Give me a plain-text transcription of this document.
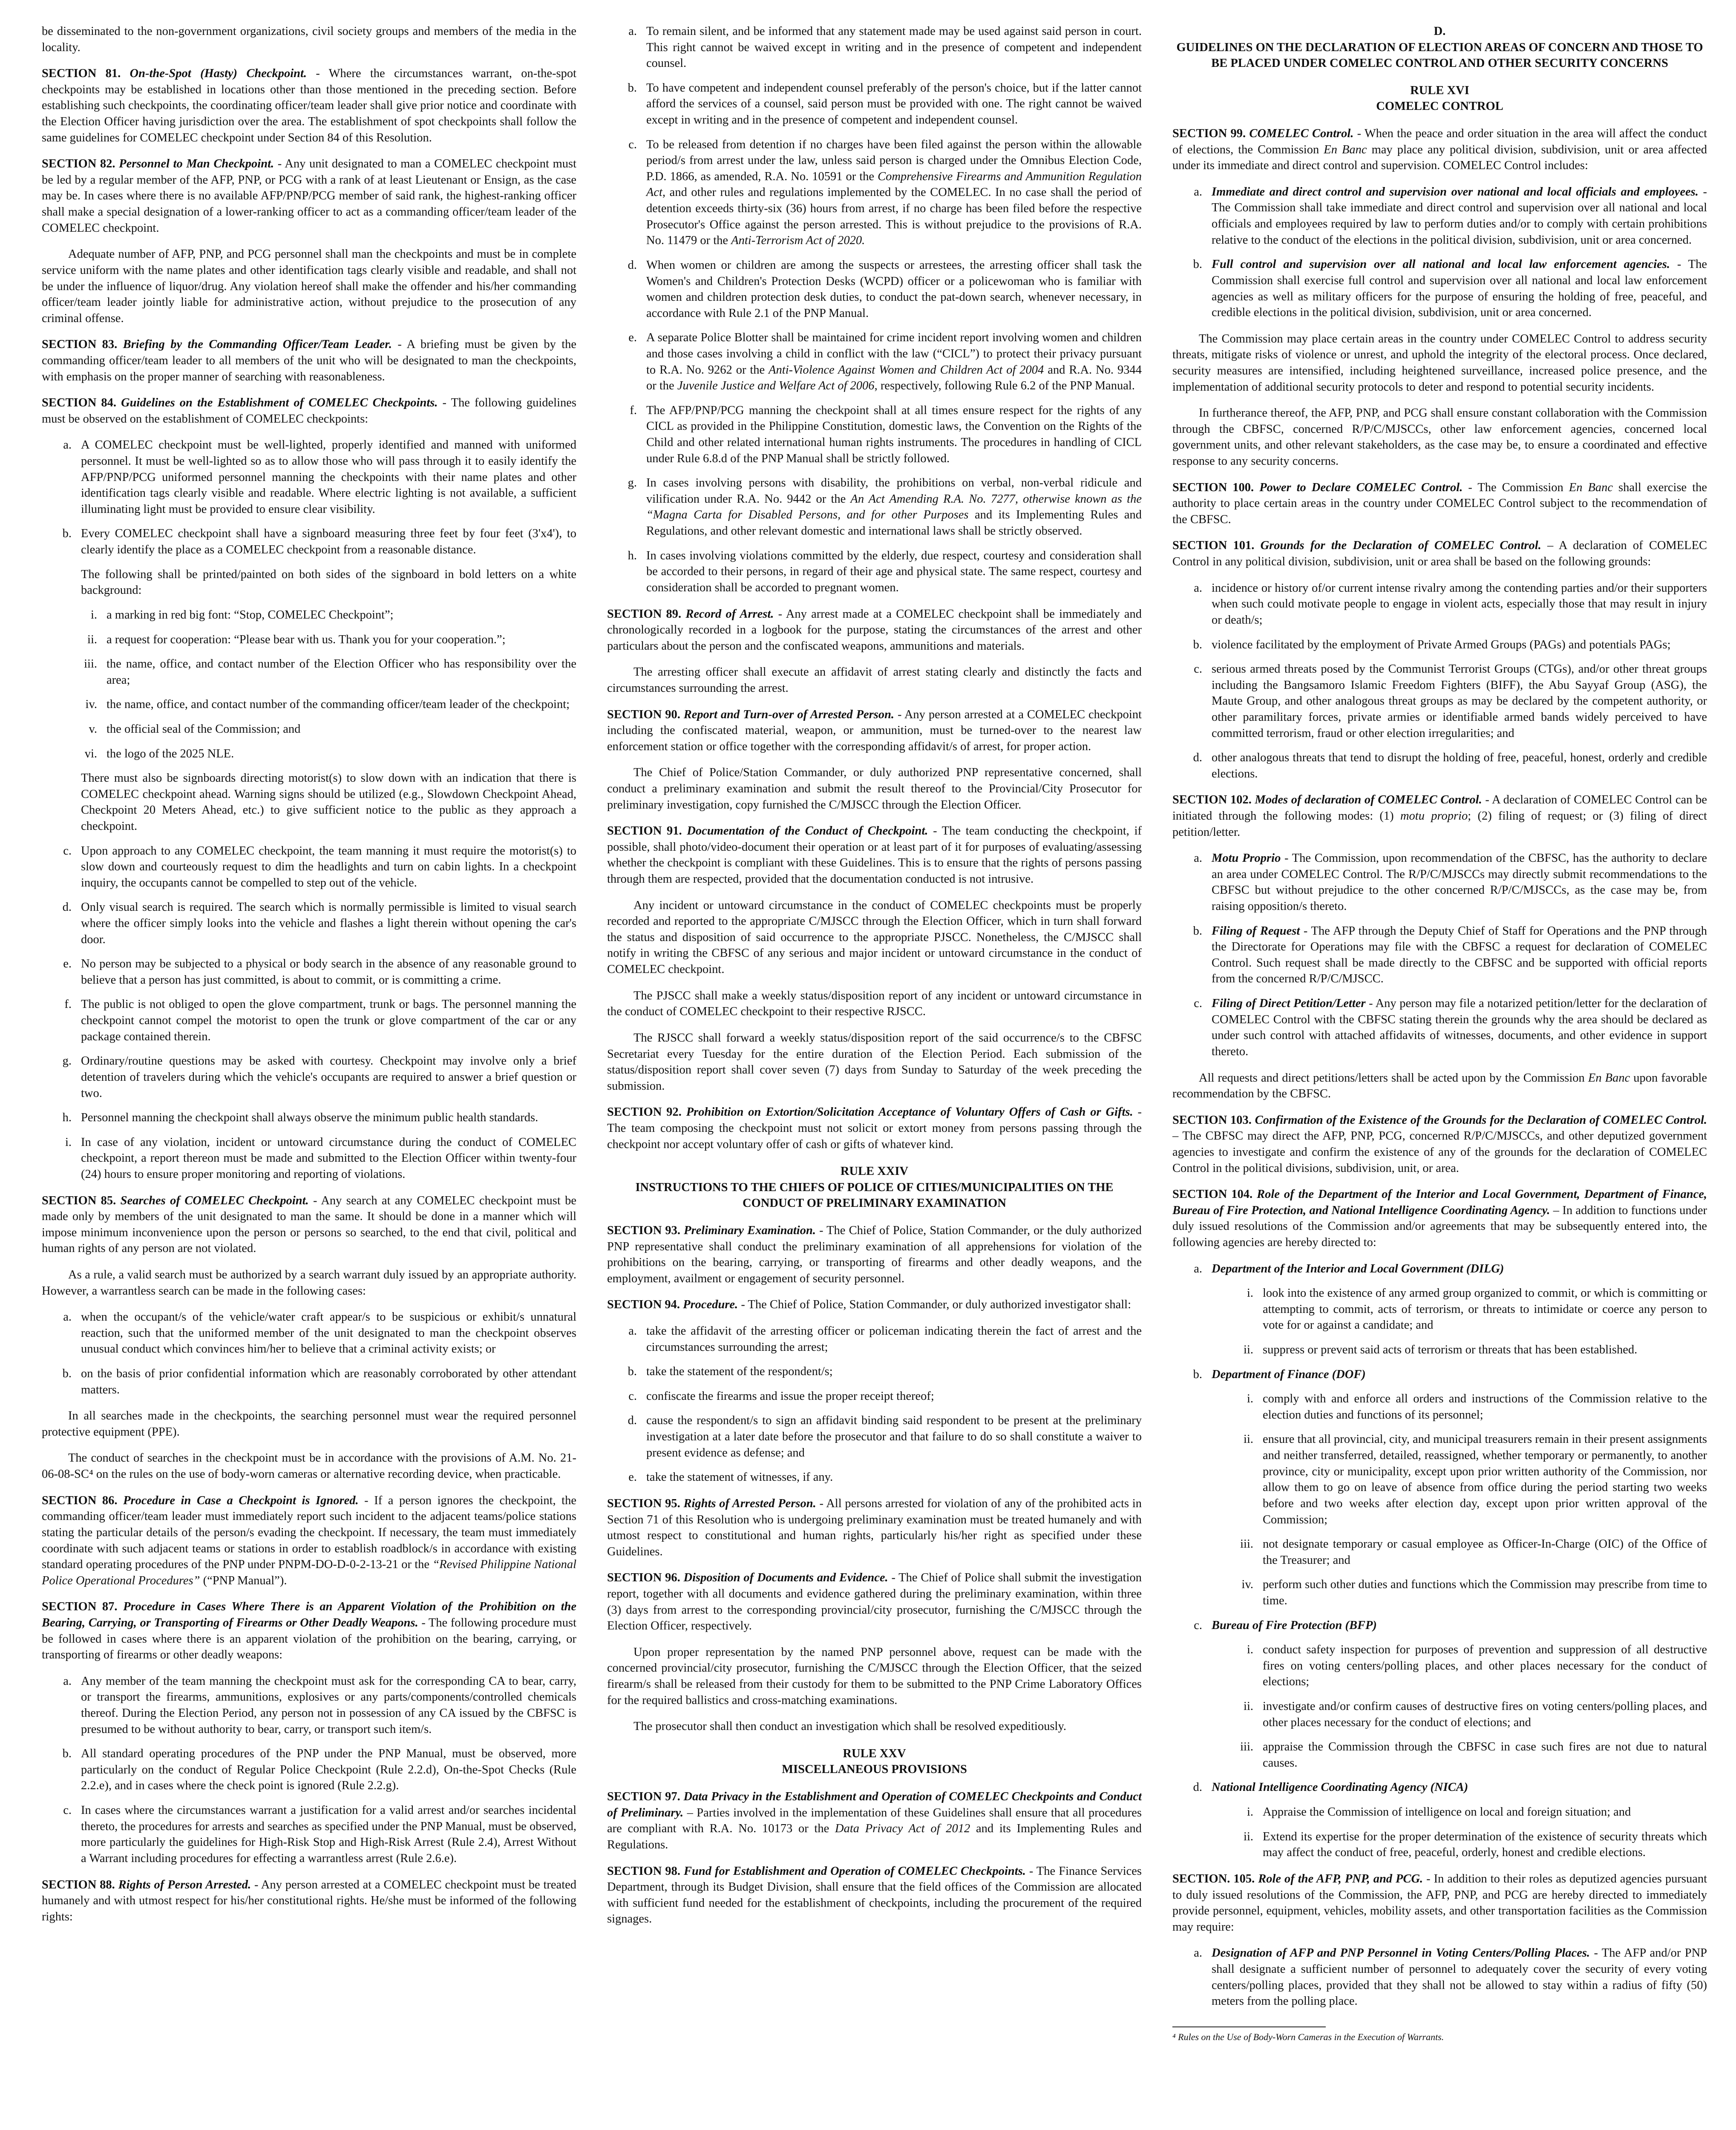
be disseminated to the non-government organizations, civil society groups and members of the media in the locality.

SECTION 81. On-the-Spot (Hasty) Checkpoint. - Where the circumstances warrant, on-the-spot checkpoints may be established in locations other than those mentioned in the preceding section. Before establishing such checkpoints, the coordinating officer/team leader shall give prior notice and coordinate with the Election Officer having jurisdiction over the area. The establishment of spot checkpoints shall follow the same guidelines for COMELEC checkpoint under Section 84 of this Resolution.

SECTION 82. Personnel to Man Checkpoint. - Any unit designated to man a COMELEC checkpoint must be led by a regular member of the AFP, PNP, or PCG with a rank of at least Lieutenant or Ensign, as the case may be. In cases where there is no available AFP/PNP/PCG member of said rank, the highest-ranking officer shall make a special designation of a lower-ranking officer to act as a commanding officer/team leader of the COMELEC checkpoint.

Adequate number of AFP, PNP, and PCG personnel shall man the checkpoints and must be in complete service uniform with the name plates and other identification tags clearly visible and readable, and shall not be under the influence of liquor/drug. Any violation hereof shall make the offender and his/her commanding officer/team leader jointly liable for administrative action, without prejudice to the prosecution of any criminal offense.

SECTION 83. Briefing by the Commanding Officer/Team Leader. - A briefing must be given by the commanding officer/team leader to all members of the unit who will be designated to man the checkpoints, with emphasis on the proper manner of searching with reasonableness.

SECTION 84. Guidelines on the Establishment of COMELEC Checkpoints. - The following guidelines must be observed on the establishment of COMELEC checkpoints:

a. A COMELEC checkpoint must be well-lighted, properly identified and manned with uniformed personnel. It must be well-lighted so as to allow those who will pass through it to easily identify the AFP/PNP/PCG uniformed personnel manning the checkpoints with their name plates and other identification tags clearly visible and readable. Where electric lighting is not available, a sufficient illuminating light must be provided to ensure clear visibility.
b. Every COMELEC checkpoint shall have a signboard measuring three feet by four feet (3'x4'), to clearly identify the place as a COMELEC checkpoint from a reasonable distance.
The following shall be printed/painted on both sides of the signboard in bold letters on a white background:
i. a marking in red big font: “Stop, COMELEC Checkpoint”;
ii. a request for cooperation: “Please bear with us. Thank you for your cooperation.”;
iii. the name, office, and contact number of the Election Officer who has responsibility over the area;
iv. the name, office, and contact number of the commanding officer/team leader of the checkpoint;
v. the official seal of the Commission; and
vi. the logo of the 2025 NLE.
There must also be signboards directing motorist(s) to slow down with an indication that there is COMELEC checkpoint ahead. Warning signs should be utilized (e.g., Slowdown Checkpoint Ahead, Checkpoint 20 Meters Ahead, etc.) to give sufficient notice to the public as they approach a checkpoint.
c. Upon approach to any COMELEC checkpoint, the team manning it must require the motorist(s) to slow down and courteously request to dim the headlights and turn on cabin lights. In a checkpoint inquiry, the occupants cannot be compelled to step out of the vehicle.
d. Only visual search is required. The search which is normally permissible is limited to visual search where the officer simply looks into the vehicle and flashes a light therein without opening the car's door.
e. No person may be subjected to a physical or body search in the absence of any reasonable ground to believe that a person has just committed, is about to commit, or is committing a crime.
f. The public is not obliged to open the glove compartment, trunk or bags. The personnel manning the checkpoint cannot compel the motorist to open the trunk or glove compartment of the car or any package contained therein.
g. Ordinary/routine questions may be asked with courtesy. Checkpoint may involve only a brief detention of travelers during which the vehicle's occupants are required to answer a brief question or two.
h. Personnel manning the checkpoint shall always observe the minimum public health standards.
i. In case of any violation, incident or untoward circumstance during the conduct of COMELEC checkpoint, a report thereon must be made and submitted to the Election Officer within twenty-four (24) hours to ensure proper monitoring and reporting of violations.

SECTION 85. Searches of COMELEC Checkpoint. - Any search at any COMELEC checkpoint must be made only by members of the unit designated to man the same. It should be done in a manner which will impose minimum inconvenience upon the person or persons so searched, to the end that civil, political and human rights of any person are not violated.

As a rule, a valid search must be authorized by a search warrant duly issued by an appropriate authority. However, a warrantless search can be made in the following cases:

a. when the occupant/s of the vehicle/water craft appear/s to be suspicious or exhibit/s unnatural reaction, such that the uniformed member of the unit designated to man the checkpoint observes unusual conduct which convinces him/her to believe that a criminal activity exists; or
b. on the basis of prior confidential information which are reasonably corroborated by other attendant matters.

In all searches made in the checkpoints, the searching personnel must wear the required personnel protective equipment (PPE).

The conduct of searches in the checkpoint must be in accordance with the provisions of A.M. No. 21-06-08-SC⁴ on the rules on the use of body-worn cameras or alternative recording device, when practicable.

SECTION 86. Procedure in Case a Checkpoint is Ignored. - If a person ignores the checkpoint, the commanding officer/team leader must immediately report such incident to the adjacent teams/police stations stating the particular details of the person/s evading the checkpoint. If necessary, the team must immediately coordinate with such adjacent teams or stations in order to establish roadblock/s in accordance with existing standard operating procedures of the PNP under PNPM-DO-D-0-2-13-21 or the “Revised Philippine National Police Operational Procedures” (“PNP Manual”).

SECTION 87. Procedure in Cases Where There is an Apparent Violation of the Prohibition on the Bearing, Carrying, or Transporting of Firearms or Other Deadly Weapons. - The following procedure must be followed in cases where there is an apparent violation of the prohibition on the bearing, carrying, or transporting of firearms or other deadly weapons:

a. Any member of the team manning the checkpoint must ask for the corresponding CA to bear, carry, or transport the firearms, ammunitions, explosives or any parts/components/controlled chemicals thereof. During the Election Period, any person not in possession of any CA issued by the CBFSC is presumed to be without authority to bear, carry, or transport such item/s.
b. All standard operating procedures of the PNP under the PNP Manual, must be observed, more particularly on the conduct of Regular Police Checkpoint (Rule 2.2.d), On-the-Spot Checks (Rule 2.2.e), and in cases where the check point is ignored (Rule 2.2.g).
c. In cases where the circumstances warrant a justification for a valid arrest and/or searches incidental thereto, the procedures for arrests and searches as specified under the PNP Manual, must be observed, more particularly the guidelines for High-Risk Stop and High-Risk Arrest (Rule 2.4), Arrest Without a Warrant including procedures for effecting a warrantless arrest (Rule 2.6.e).

SECTION 88. Rights of Person Arrested. - Any person arrested at a COMELEC checkpoint must be treated humanely and with utmost respect for his/her constitutional rights. He/she must be informed of the following rights:

a. To remain silent, and be informed that any statement made may be used against said person in court. This right cannot be waived except in writing and in the presence of competent and independent counsel.
b. To have competent and independent counsel preferably of the person's choice, but if the latter cannot afford the services of a counsel, said person must be provided with one. The right cannot be waived except in writing and in the presence of competent and independent counsel.
c. To be released from detention if no charges have been filed against the person within the allowable period/s from arrest under the law, unless said person is charged under the Omnibus Election Code, P.D. 1866, as amended, R.A. No. 10591 or the Comprehensive Firearms and Ammunition Regulation Act, and other rules and regulations implemented by the COMELEC. In no case shall the period of detention exceeds thirty-six (36) hours from arrest, if no charge has been filed before the respective Prosecutor's Office against the person arrested. This is without prejudice to the provisions of R.A. No. 11479 or the Anti-Terrorism Act of 2020.
d. When women or children are among the suspects or arrestees, the arresting officer shall task the Women's and Children's Protection Desks (WCPD) officer or a policewoman who is familiar with women and children protection desk duties, to conduct the pat-down search, whenever necessary, in accordance with Rule 2.1 of the PNP Manual.
e. A separate Police Blotter shall be maintained for crime incident report involving women and children and those cases involving a child in conflict with the law (“CICL”) to protect their privacy pursuant to R.A. No. 9262 or the Anti-Violence Against Women and Children Act of 2004 and R.A. No. 9344 or the Juvenile Justice and Welfare Act of 2006, respectively, following Rule 6.2 of the PNP Manual.
f. The AFP/PNP/PCG manning the checkpoint shall at all times ensure respect for the rights of any CICL as provided in the Philippine Constitution, domestic laws, the Convention on the Rights of the Child and other related international human rights instruments. The procedures in handling of CICL under Rule 6.8.d of the PNP Manual shall be strictly followed.
g. In cases involving persons with disability, the prohibitions on verbal, non-verbal ridicule and vilification under R.A. No. 9442 or the An Act Amending R.A. No. 7277, otherwise known as the “Magna Carta for Disabled Persons, and for other Purposes and its Implementing Rules and Regulations, and other relevant domestic and international laws shall be strictly observed.
h. In cases involving violations committed by the elderly, due respect, courtesy and consideration shall be accorded to their persons, in regard of their age and physical state. The same respect, courtesy and consideration shall be accorded to pregnant women.

SECTION 89. Record of Arrest. - Any arrest made at a COMELEC checkpoint shall be immediately and chronologically recorded in a logbook for the purpose, stating the circumstances of the arrest and other particulars about the person and the confiscated weapons, ammunitions and materials.

The arresting officer shall execute an affidavit of arrest stating clearly and distinctly the facts and circumstances surrounding the arrest.

SECTION 90. Report and Turn-over of Arrested Person. - Any person arrested at a COMELEC checkpoint including the confiscated material, weapon, or ammunition, must be turned-over to the nearest law enforcement station or office together with the corresponding affidavit/s of arrest, for proper action.

The Chief of Police/Station Commander, or duly authorized PNP representative concerned, shall conduct a preliminary examination and submit the result thereof to the Provincial/City Prosecutor for preliminary investigation, copy furnished the C/MJSCC through the Election Officer.

SECTION 91. Documentation of the Conduct of Checkpoint. - The team conducting the checkpoint, if possible, shall photo/video-document their operation or at least part of it for purposes of evaluating/assessing whether the checkpoint is compliant with these Guidelines. This is to ensure that the rights of persons passing through them are respected, provided that the documentation conducted is not intrusive.

Any incident or untoward circumstance in the conduct of COMELEC checkpoints must be properly recorded and reported to the appropriate C/MJSCC through the Election Officer, which in turn shall forward the status and disposition of said occurrence to the appropriate PJSCC. Nonetheless, the C/MJSCC shall notify in writing the CBFSC of any serious and major incident or untoward circumstance in the conduct of COMELEC checkpoint.

The PJSCC shall make a weekly status/disposition report of any incident or untoward circumstance in the conduct of COMELEC checkpoint to their respective RJSCC.

The RJSCC shall forward a weekly status/disposition report of the said occurrence/s to the CBFSC Secretariat every Tuesday for the entire duration of the Election Period. Each submission of the status/disposition report shall cover seven (7) days from Sunday to Saturday of the week preceding the submission.

SECTION 92. Prohibition on Extortion/Solicitation Acceptance of Voluntary Offers of Cash or Gifts. - The team composing the checkpoint must not solicit or extort money from persons passing through the checkpoint nor accept voluntary offer of cash or gifts of whatever kind.

RULE XXIV
INSTRUCTIONS TO THE CHIEFS OF POLICE OF CITIES/MUNICIPALITIES ON THE CONDUCT OF PRELIMINARY EXAMINATION

SECTION 93. Preliminary Examination. - The Chief of Police, Station Commander, or the duly authorized PNP representative shall conduct the preliminary examination of all apprehensions for violation of the prohibitions on the bearing, carrying, or transporting of firearms and other deadly weapons, and the employment, availment or engagement of security personnel.

SECTION 94. Procedure. - The Chief of Police, Station Commander, or duly authorized investigator shall:

a. take the affidavit of the arresting officer or policeman indicating therein the fact of arrest and the circumstances surrounding the arrest;
b. take the statement of the respondent/s;
c. confiscate the firearms and issue the proper receipt thereof;
d. cause the respondent/s to sign an affidavit binding said respondent to be present at the preliminary investigation at a later date before the prosecutor and that failure to do so shall constitute a waiver to present evidence as defense; and
e. take the statement of witnesses, if any.

SECTION 95. Rights of Arrested Person. - All persons arrested for violation of any of the prohibited acts in Section 71 of this Resolution who is undergoing preliminary examination must be treated humanely and with utmost respect to constitutional and human rights, particularly his/her right as specified under these Guidelines.

SECTION 96. Disposition of Documents and Evidence. - The Chief of Police shall submit the investigation report, together with all documents and evidence gathered during the preliminary examination, within three (3) days from arrest to the corresponding provincial/city prosecutor, furnishing the C/MJSCC through the Election Officer, respectively.

Upon proper representation by the named PNP personnel above, request can be made with the concerned provincial/city prosecutor, furnishing the C/MJSCC through the Election Officer, that the seized firearm/s shall be released from their custody for them to be submitted to the PNP Crime Laboratory Offices for the required ballistics and cross-matching examinations.

The prosecutor shall then conduct an investigation which shall be resolved expeditiously.

RULE XXV
MISCELLANEOUS PROVISIONS

SECTION 97. Data Privacy in the Establishment and Operation of COMELEC Checkpoints and Conduct of Preliminary. – Parties involved in the implementation of these Guidelines shall ensure that all procedures are compliant with R.A. No. 10173 or the Data Privacy Act of 2012 and its Implementing Rules and Regulations.

SECTION 98. Fund for Establishment and Operation of COMELEC Checkpoints. - The Finance Services Department, through its Budget Division, shall ensure that the field offices of the Commission are allocated with sufficient fund needed for the establishment of checkpoints, including the procurement of the required signages.

D.
GUIDELINES ON THE DECLARATION OF ELECTION AREAS OF CONCERN AND THOSE TO BE PLACED UNDER COMELEC CONTROL AND OTHER SECURITY CONCERNS
RULE XVI
COMELEC CONTROL

SECTION 99. COMELEC Control. - When the peace and order situation in the area will affect the conduct of elections, the Commission En Banc may place any political division, subdivision, unit or area affected under its immediate and direct control and supervision. COMELEC Control includes:

a. Immediate and direct control and supervision over national and local officials and employees. - The Commission shall take immediate and direct control and supervision over all national and local officials and employees required by law to perform duties and/or to comply with certain prohibitions relative to the conduct of the elections in the political division, subdivision, unit or area concerned.
b. Full control and supervision over all national and local law enforcement agencies. - The Commission shall exercise full control and supervision over all national and local law enforcement agencies as well as military officers for the purpose of ensuring the holding of free, peaceful, and credible elections in the political division, subdivision, unit or area concerned.

The Commission may place certain areas in the country under COMELEC Control to address security threats, mitigate risks of violence or unrest, and uphold the integrity of the electoral process. Once declared, security measures are intensified, including heightened surveillance, increased police presence, and the implementation of additional security protocols to deter and respond to potential security incidents.

In furtherance thereof, the AFP, PNP, and PCG shall ensure constant collaboration with the Commission through the CBFSC, concerned R/P/C/MJSCCs, other law enforcement agencies, concerned local government units, and other relevant stakeholders, as the case may be, to ensure a coordinated and effective response to any security concerns.

SECTION 100. Power to Declare COMELEC Control. - The Commission En Banc shall exercise the authority to place certain areas in the country under COMELEC Control subject to the recommendation of the CBFSC.

SECTION 101. Grounds for the Declaration of COMELEC Control. – A declaration of COMELEC Control in any political division, subdivision, unit or area shall be based on the following grounds:

a. incidence or history of/or current intense rivalry among the contending parties and/or their supporters when such could motivate people to engage in violent acts, especially those that may result in injury or death/s;
b. violence facilitated by the employment of Private Armed Groups (PAGs) and potentials PAGs;
c. serious armed threats posed by the Communist Terrorist Groups (CTGs), and/or other threat groups including the Bangsamoro Islamic Freedom Fighters (BIFF), the Abu Sayyaf Group (ASG), the Maute Group, and other analogous threat groups as may be declared by the competent authority, or other paramilitary forces, private armies or identifiable armed bands widely perceived to have committed terrorism, fraud or other election irregularities; and
d. other analogous threats that tend to disrupt the holding of free, peaceful, honest, orderly and credible elections.

SECTION 102. Modes of declaration of COMELEC Control. - A declaration of COMELEC Control can be initiated through the following modes: (1) motu proprio; (2) filing of request; or (3) filing of direct petition/letter.

a. Motu Proprio - The Commission, upon recommendation of the CBFSC, has the authority to declare an area under COMELEC Control. The R/P/C/MJSCCs may directly submit recommendations to the CBFSC but without prejudice to the other concerned R/P/C/MJSCCs, as the case may be, from raising opposition/s thereto.
b. Filing of Request - The AFP through the Deputy Chief of Staff for Operations and the PNP through the Directorate for Operations may file with the CBFSC a request for declaration of COMELEC Control. Such request shall be made directly to the CBFSC and be supported with official reports from the concerned R/P/C/MJSCC.
c. Filing of Direct Petition/Letter - Any person may file a notarized petition/letter for the declaration of COMELEC Control with the CBFSC stating therein the grounds why the area should be declared as under such control with attached affidavits of witnesses, documents, and other evidence in support thereto.

All requests and direct petitions/letters shall be acted upon by the Commission En Banc upon favorable recommendation by the CBFSC.

SECTION 103. Confirmation of the Existence of the Grounds for the Declaration of COMELEC Control. – The CBFSC may direct the AFP, PNP, PCG, concerned R/P/C/MJSCCs, and other deputized government agencies to investigate and confirm the existence of any of the grounds for the declaration of COMELEC Control in the political divisions, subdivision, unit, or area.

SECTION 104. Role of the Department of the Interior and Local Government, Department of Finance, Bureau of Fire Protection, and National Intelligence Coordinating Agency. – In addition to functions under duly issued resolutions of the Commission and/or agreements that may be subsequently entered into, the following agencies are hereby directed to:

a. Department of the Interior and Local Government (DILG)
i. look into the existence of any armed group organized to commit, or which is committing or attempting to commit, acts of terrorism, or threats to intimidate or coerce any person to vote for or against a candidate; and
ii. suppress or prevent said acts of terrorism or threats that has been established.
b. Department of Finance (DOF)
i. comply with and enforce all orders and instructions of the Commission relative to the election duties and functions of its personnel;
ii. ensure that all provincial, city, and municipal treasurers remain in their present assignments and neither transferred, detailed, reassigned, whether temporary or permanently, to another province, city or municipality, except upon prior written authority of the Commission, nor allow them to go on leave of absence from office during the period starting two weeks before and two weeks after election day, except upon prior written approval of the Commission;
iii. not designate temporary or casual employee as Officer-In-Charge (OIC) of the Office of the Treasurer; and
iv. perform such other duties and functions which the Commission may prescribe from time to time.
c. Bureau of Fire Protection (BFP)
i. conduct safety inspection for purposes of prevention and suppression of all destructive fires on voting centers/polling places, and other places necessary for the conduct of elections;
ii. investigate and/or confirm causes of destructive fires on voting centers/polling places, and other places necessary for the conduct of elections; and
iii. appraise the Commission through the CBFSC in case such fires are not due to natural causes.
d. National Intelligence Coordinating Agency (NICA)
i. Appraise the Commission of intelligence on local and foreign situation; and
ii. Extend its expertise for the proper determination of the existence of security threats which may affect the conduct of free, peaceful, orderly, honest and credible elections.

SECTION. 105. Role of the AFP, PNP, and PCG. - In addition to their roles as deputized agencies pursuant to duly issued resolutions of the Commission, the AFP, PNP, and PCG are hereby directed to immediately provide personnel, equipment, vehicles, mobility assets, and other transportation facilities as the Commission may require:

a. Designation of AFP and PNP Personnel in Voting Centers/Polling Places. - The AFP and/or PNP shall designate a sufficient number of personnel to adequately cover the security of every voting centers/polling places, provided that they shall not be allowed to stay within a radius of fifty (50) meters from the polling place.
⁴ Rules on the Use of Body-Worn Cameras in the Execution of Warrants.
